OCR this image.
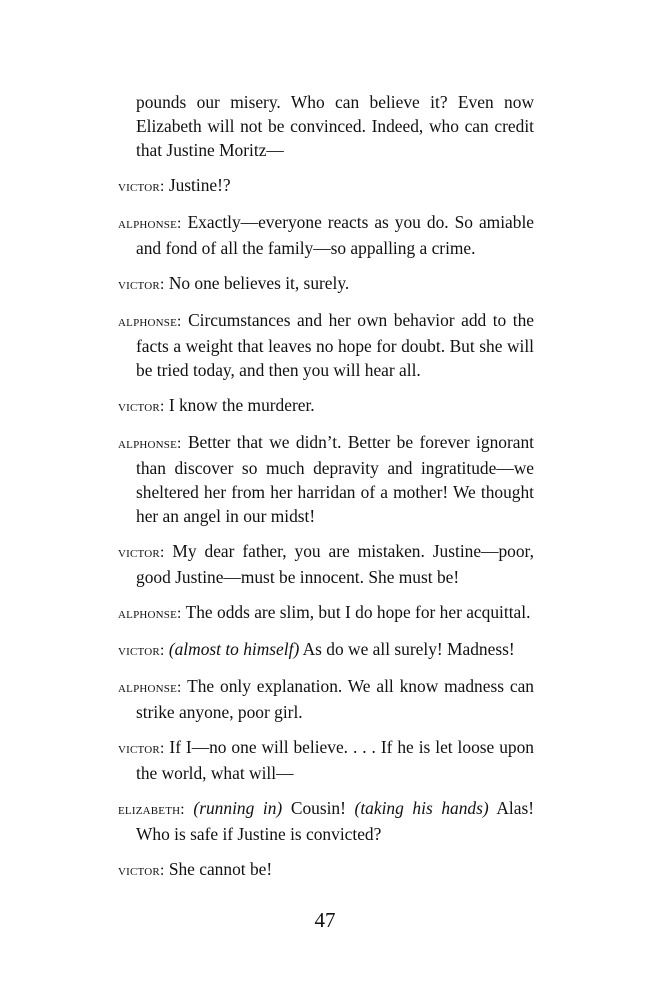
pounds our misery. Who can believe it? Even now Elizabeth will not be convinced. Indeed, who can credit that Justine Moritz—

victor: Justine!?

alphonse: Exactly—everyone reacts as you do. So amiable and fond of all the family—so appalling a crime.

victor: No one believes it, surely.

alphonse: Circumstances and her own behavior add to the facts a weight that leaves no hope for doubt. But she will be tried today, and then you will hear all.

victor: I know the murderer.

alphonse: Better that we didn’t. Better be forever ignorant than discover so much depravity and ingratitude—we sheltered her from her harridan of a mother! We thought her an angel in our midst!

victor: My dear father, you are mistaken. Justine—poor, good Justine—must be innocent. She must be!

alphonse: The odds are slim, but I do hope for her acquittal.

victor: (almost to himself) As do we all surely! Madness!

alphonse: The only explanation. We all know madness can strike anyone, poor girl.

victor: If I—no one will believe. . . . If he is let loose upon the world, what will—

elizabeth: (running in) Cousin! (taking his hands) Alas! Who is safe if Justine is convicted?

victor: She cannot be!

47
